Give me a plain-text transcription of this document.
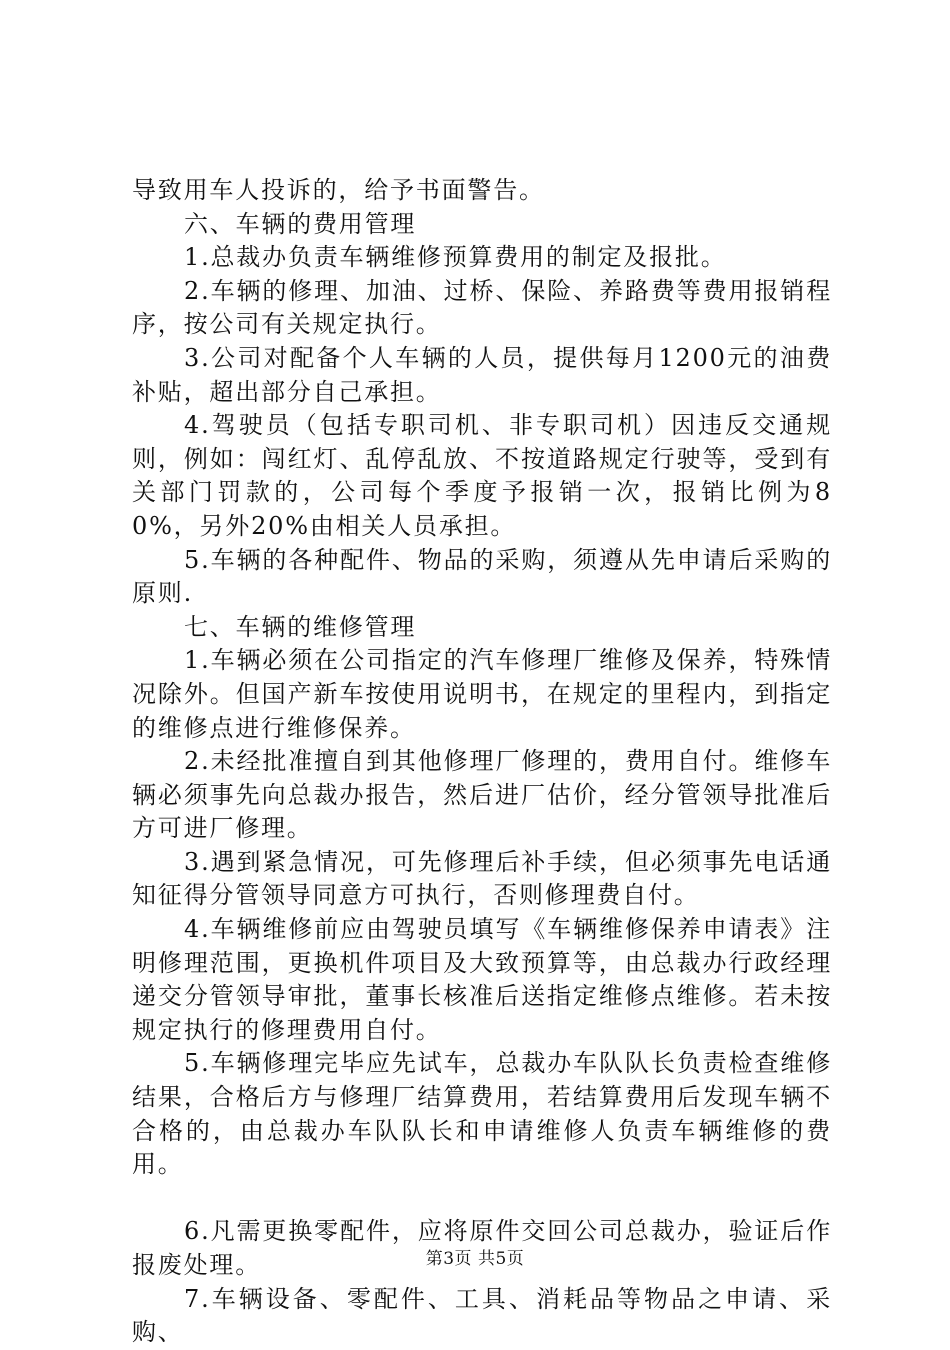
导致用车人投诉的，给予书面警告。

六、车辆的费用管理

1.总裁办负责车辆维修预算费用的制定及报批。

2.车辆的修理、加油、过桥、保险、养路费等费用报销程序，按公司有关规定执行。

3.公司对配备个人车辆的人员，提供每月1200元的油费补贴，超出部分自己承担。

4.驾驶员（包括专职司机、非专职司机）因违反交通规则，例如：闯红灯、乱停乱放、不按道路规定行驶等，受到有关部门罚款的，公司每个季度予报销一次，报销比例为80%，另外20%由相关人员承担。

5.车辆的各种配件、物品的采购，须遵从先申请后采购的原则.

七、车辆的维修管理

1.车辆必须在公司指定的汽车修理厂维修及保养，特殊情况除外。但国产新车按使用说明书，在规定的里程内，到指定的维修点进行维修保养。

2.未经批准擅自到其他修理厂修理的，费用自付。维修车辆必须事先向总裁办报告，然后进厂估价，经分管领导批准后方可进厂修理。

3.遇到紧急情况，可先修理后补手续，但必须事先电话通知征得分管领导同意方可执行，否则修理费自付。

4.车辆维修前应由驾驶员填写《车辆维修保养申请表》注明修理范围，更换机件项目及大致预算等，由总裁办行政经理递交分管领导审批，董事长核准后送指定维修点维修。若未按规定执行的修理费用自付。

5.车辆修理完毕应先试车，总裁办车队队长负责检查维修结果，合格后方与修理厂结算费用，若结算费用后发现车辆不合格的，由总裁办车队队长和申请维修人负责车辆维修的费用。

6.凡需更换零配件，应将原件交回公司总裁办，验证后作报废处理。

7.车辆设备、零配件、工具、消耗品等物品之申请、采购、

第3页 共5页
